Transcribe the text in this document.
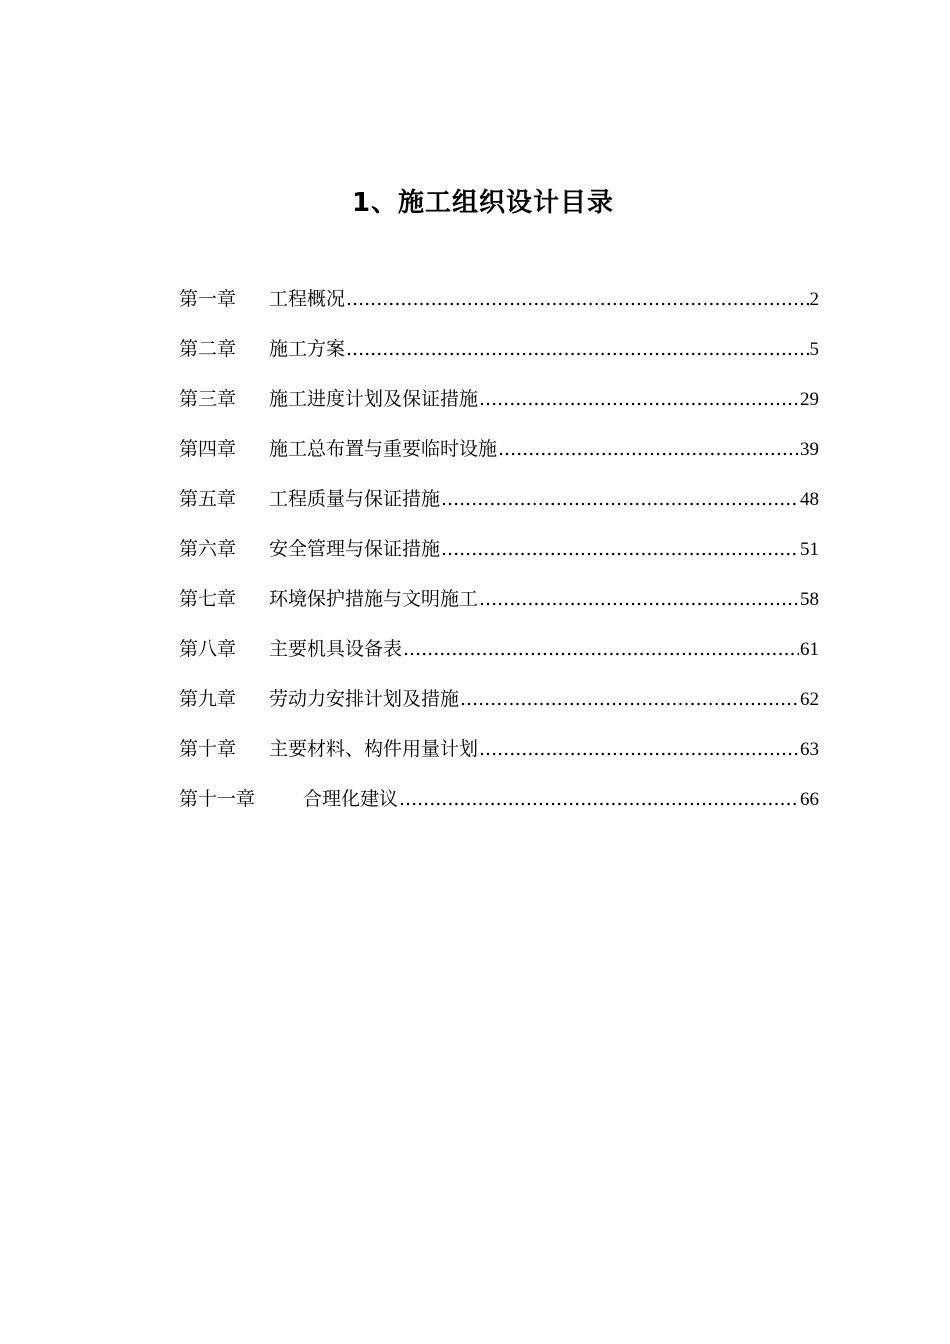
1、施工组织设计目录
第一章	工程概况 .....	2
第二章	施工方案 .....	5
第三章	施工进度计划及保证措施 .....	29
第四章	施工总布置与重要临时设施 .....	39
第五章	工程质量与保证措施 .....	48
第六章	安全管理与保证措施 .....	51
第七章	环境保护措施与文明施工 .....	58
第八章	主要机具设备表 .....	61
第九章	劳动力安排计划及措施 .....	62
第十章	主要材料、构件用量计划 .....	63
第十一章	合理化建议 .....	66
